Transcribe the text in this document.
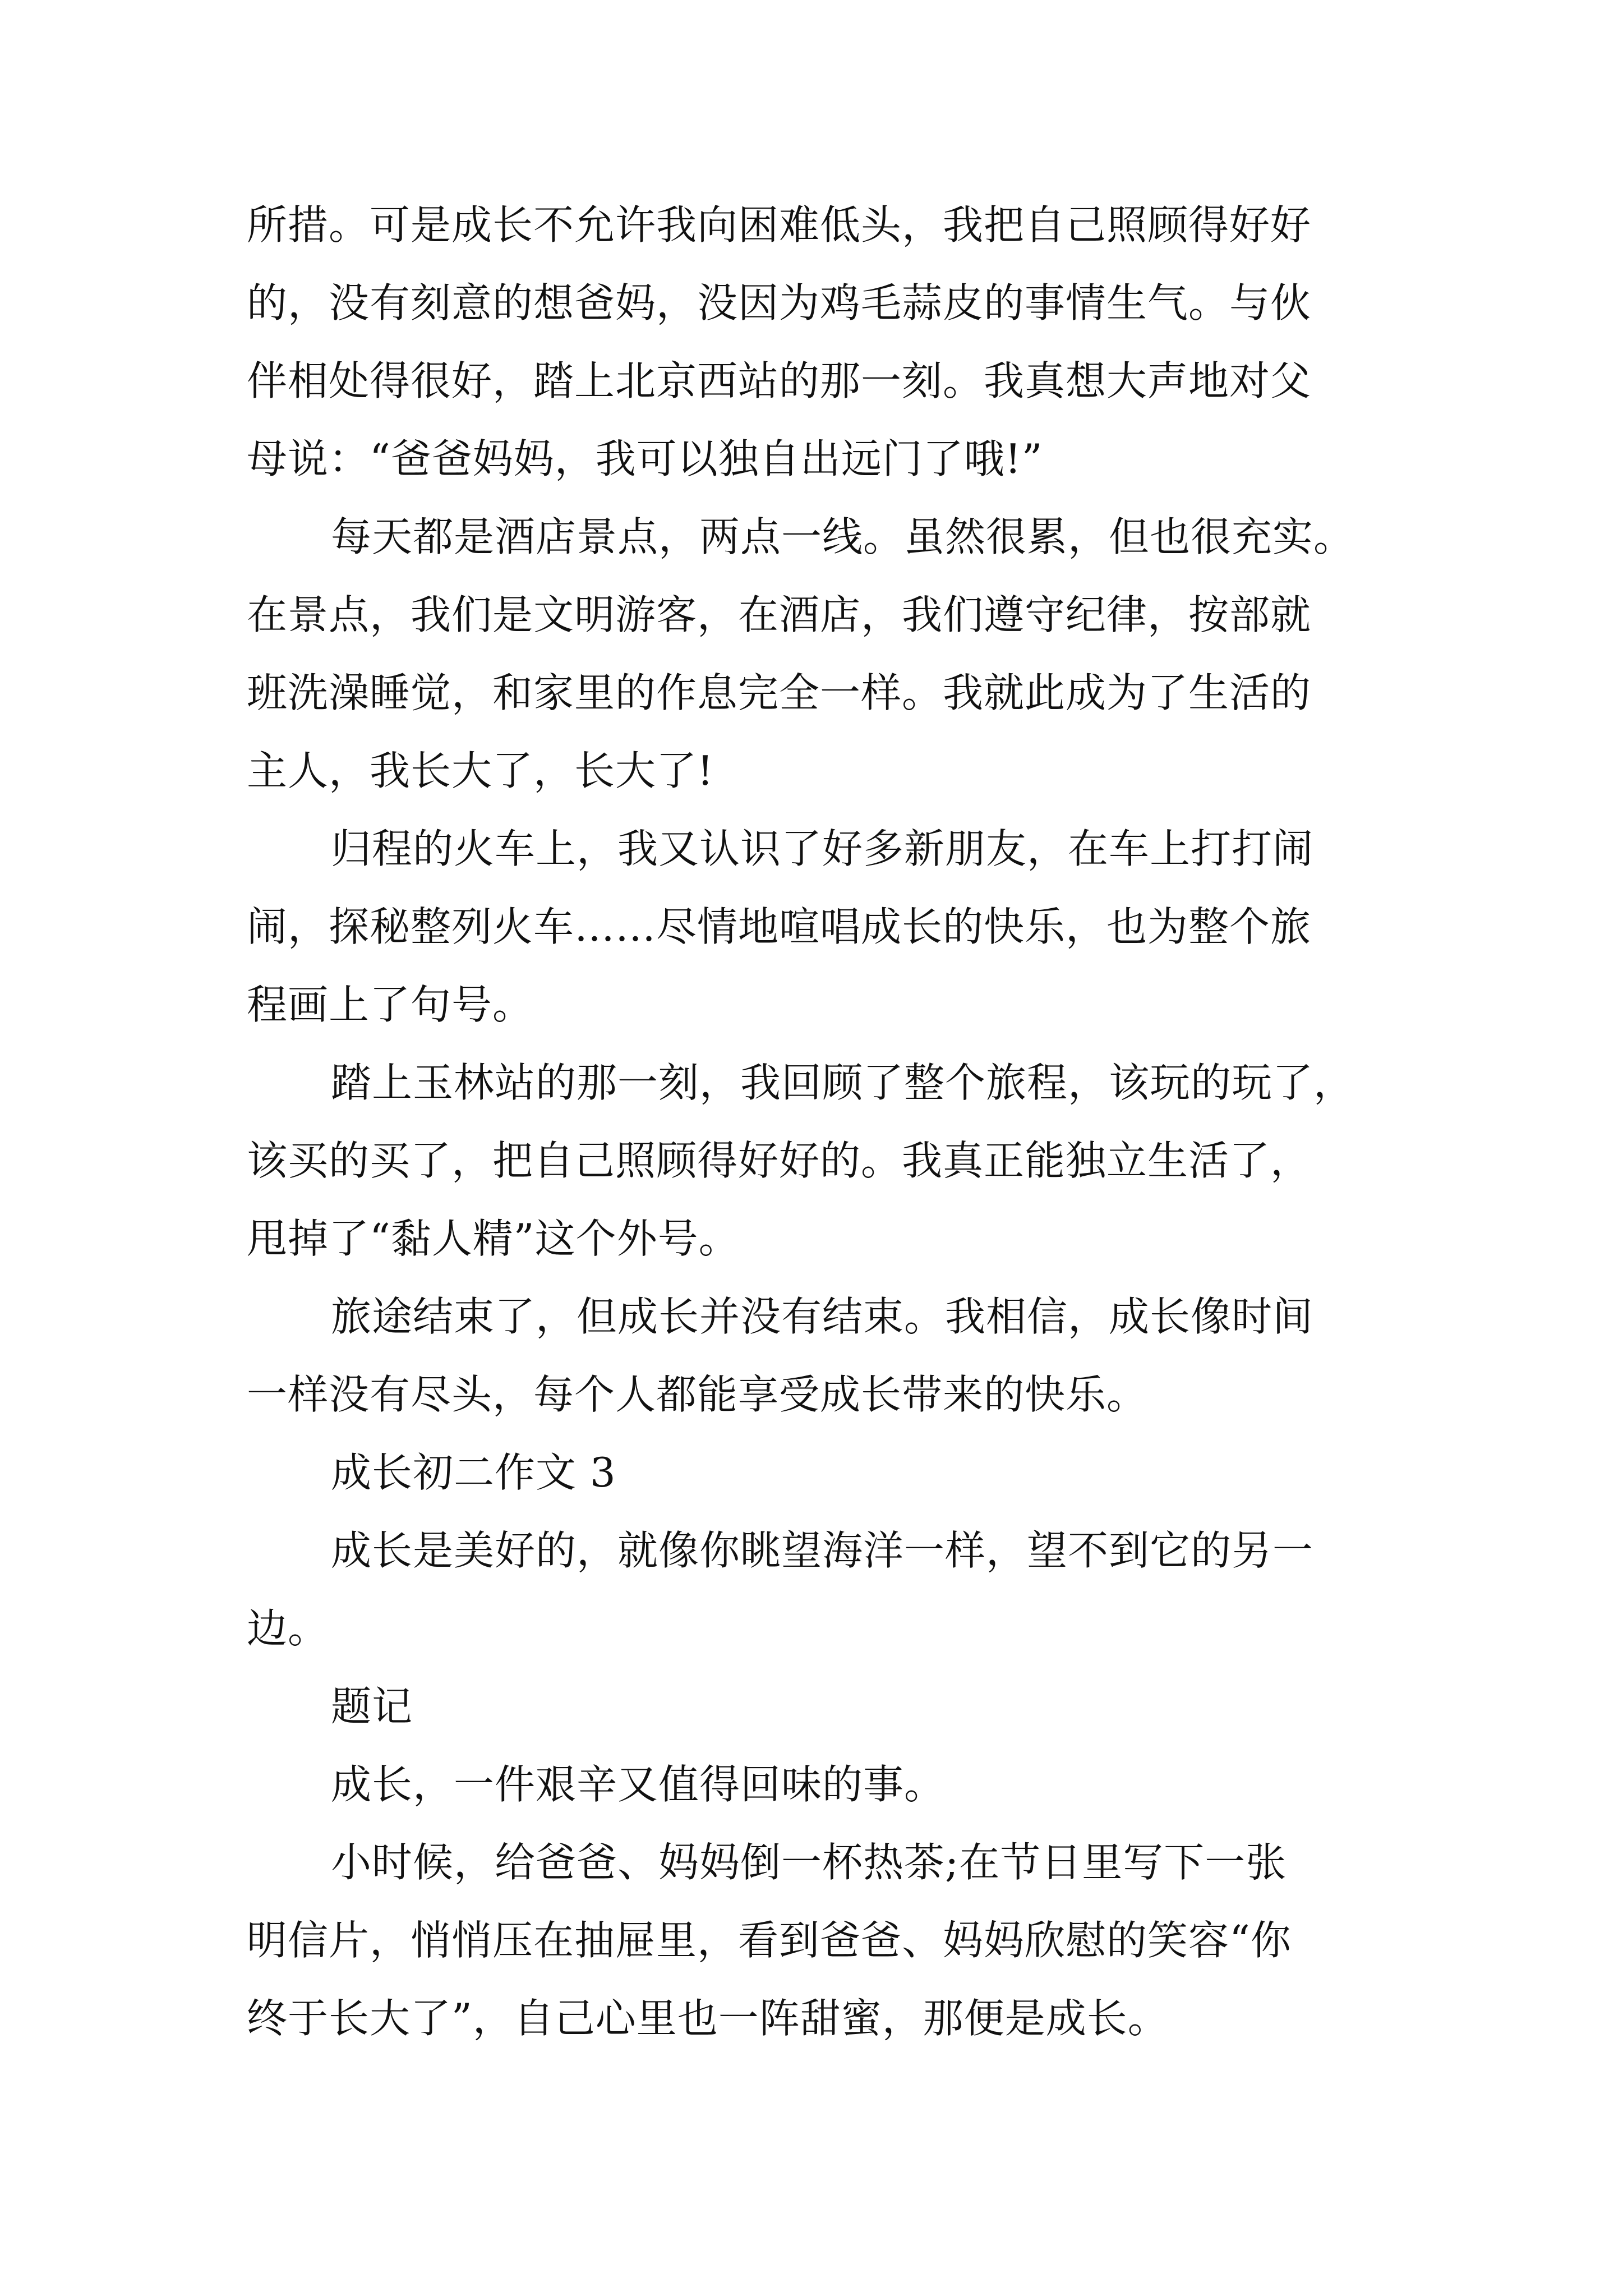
所措。可是成长不允许我向困难低头，我把自己照顾得好好
的，没有刻意的想爸妈，没因为鸡毛蒜皮的事情生气。与伙
伴相处得很好，踏上北京西站的那一刻。我真想大声地对父
母说：“爸爸妈妈，我可以独自出远门了哦!”

每天都是酒店景点，两点一线。虽然很累，但也很充实。
在景点，我们是文明游客，在酒店，我们遵守纪律，按部就
班洗澡睡觉，和家里的作息完全一样。我就此成为了生活的
主人，我长大了，长大了!

归程的火车上，我又认识了好多新朋友，在车上打打闹
闹，探秘整列火车……尽情地喧唱成长的快乐，也为整个旅
程画上了句号。

踏上玉林站的那一刻，我回顾了整个旅程，该玩的玩了，
该买的买了，把自己照顾得好好的。我真正能独立生活了，
甩掉了“黏人精”这个外号。

旅途结束了，但成长并没有结束。我相信，成长像时间
一样没有尽头，每个人都能享受成长带来的快乐。

成长初二作文 3

成长是美好的，就像你眺望海洋一样，望不到它的另一
边。

题记

成长，一件艰辛又值得回味的事。

小时候，给爸爸、妈妈倒一杯热茶;在节日里写下一张
明信片，悄悄压在抽屉里，看到爸爸、妈妈欣慰的笑容“你
终于长大了”，自己心里也一阵甜蜜，那便是成长。
